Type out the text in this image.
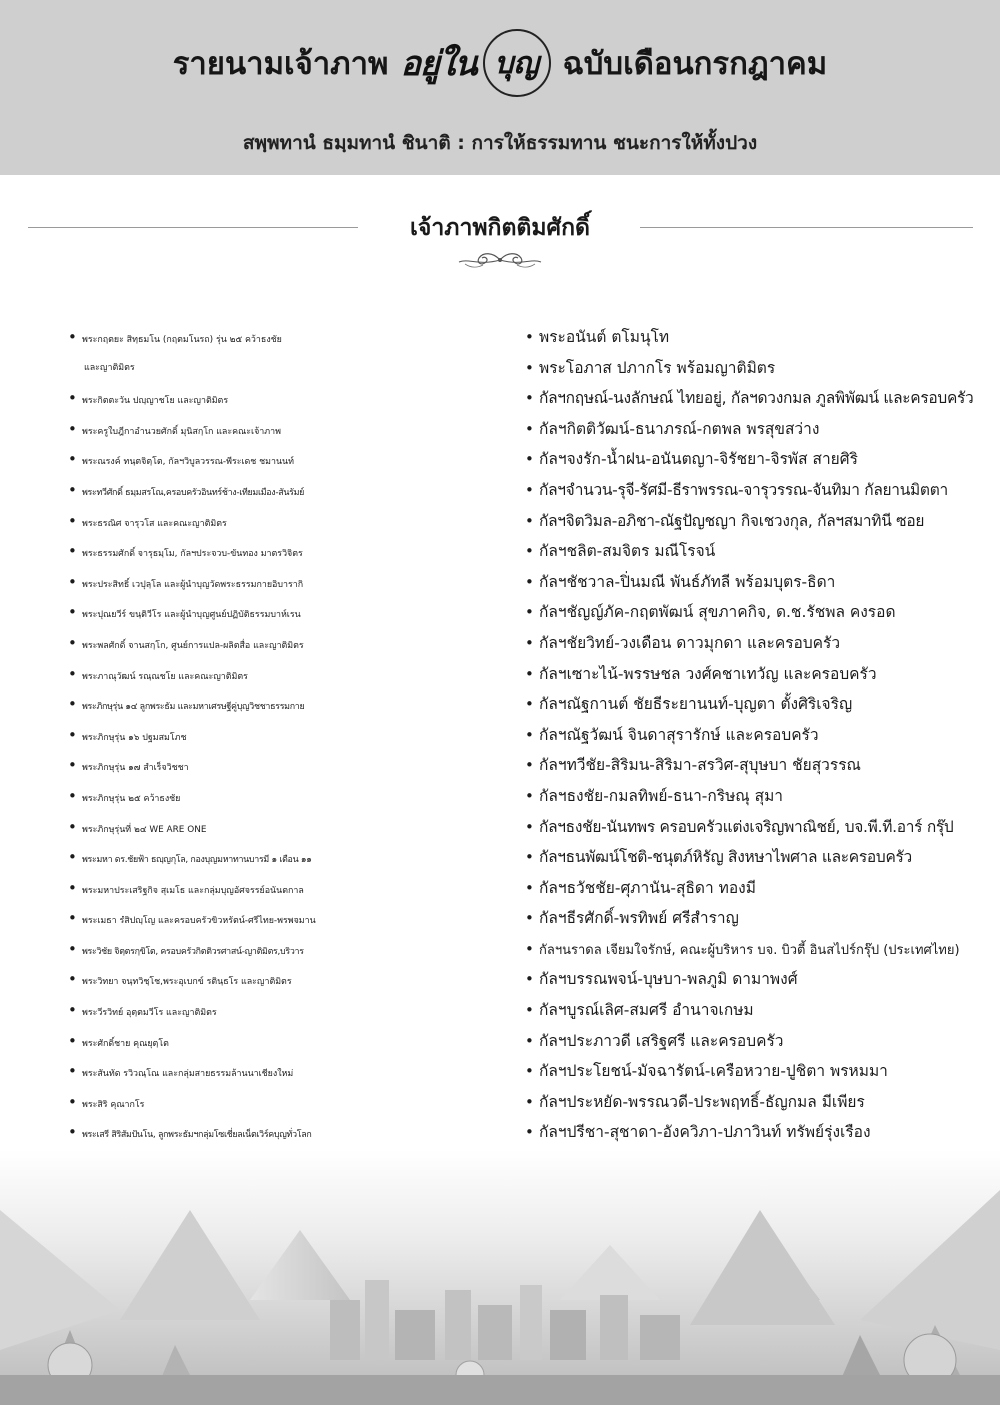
รายนามเจ้าภาพ อยู่ใน บุญ ฉบับเดือนกรกฎาคม
สพฺพทานํ ธมฺมทานํ ชินาติ : การให้ธรรมทาน ชนะการให้ทั้งปวง
เจ้าภาพกิตติมศักดิ์
• พระกฤตยะ สิทฺธมโน (กฤตมโนรถ) รุ่น ๒๕ คว้าธงชัย
และญาติมิตร
• พระกิตตะวัน ปญฺญาชโย และญาติมิตร
• พระครูใบฎีกาอำนวยศักดิ์ มุนิสกฺโก และคณะเจ้าภาพ
• พระณรงค์ ทนฺตจิตฺโต, กัลฯวิบูลวรรณ-พีระเดช ชมานนท์
• พระทวีศักดิ์ ธมฺมสรโณ,ครอบครัวอินทร์ช้าง-เทียมเมือง-สันรัมย์
• พระธรณิศ จารุวโส และคณะญาติมิตร
• พระธรรมศักดิ์ จารุธมฺโม, กัลฯประจวบ-ขันทอง มาตรวิจิตร
• พระประสิทธิ์ เวปุลฺโล และผู้นำบุญวัดพระธรรมกายอิบารากิ
• พระปุณยวีร์ ขนฺติวีโร และผู้นำบุญศูนย์ปฏิบัติธรรมบาห์เรน
• พระพลศักดิ์ จานสกฺโก, ศูนย์การแปล-ผลิตสื่อ และญาติมิตร
• พระภาณุวัฒน์ รณฺณชโย และคณะญาติมิตร
• พระภิกษุรุ่น ๑๔ ลูกพระธัม และมหาเศรษฐีคู่บุญวิชชาธรรมกาย
• พระภิกษุรุ่น ๑๖ ปฐมสมโภช
• พระภิกษุรุ่น ๑๗ สำเร็จวิชชา
• พระภิกษุรุ่น ๒๕ คว้าธงชัย
• พระภิกษุรุ่นที่ ๒๔ WE ARE ONE
• พระมหา ดร.ชัยฟ้า ธญฺญกุโล, กองบุญมหาทานบารมี ๑ เดือน ๑๑
• พระมหาประเสริฐกิจ สุเมโธ และกลุ่มบุญอัศจรรย์อนันตกาล
• พระเมธา รํสิปญฺโญ และครอบครัวขิวหรัตน์-ศรีไทย-พรพจมาน
• พระวิชัย จิตฺตรกฺขิโต, ครอบครัวกิตติวรศาสน์-ญาติมิตร,บริวาร
• พระวิทยา จนฺทวิชฺโช,พระอุเบกข์ รตินฺธโร และญาติมิตร
• พระวีรวิทย์ อุตฺตมวีโร และญาติมิตร
• พระศักดิ์ชาย คุณยุตฺโต
• พระสันทัด รวิวณฺโณ และกลุ่มสายธรรมล้านนาเชียงใหม่
• พระสิริ คุณากโร
• พระเสรี สิริสัมปันโน, ลูกพระธัมฯกลุ่มโซเชี่ยลเน็ตเวิร์คบุญทั่วโลก
• พระอนันต์ ตโมนุโท
• พระโอภาส ปภากโร พร้อมญาติมิตร
• กัลฯกฤษณ์-นงลักษณ์ ไทยอยู่, กัลฯดวงกมล ภูลพิพัฒน์ และครอบครัว
• กัลฯกิตติวัฒน์-ธนาภรณ์-กตพล พรสุขสว่าง
• กัลฯจงรัก-น้ำฝน-อนันตญา-จิรัชยา-จิรพัส สายศิริ
• กัลฯจำนวน-รุจี-รัศมี-ธีราพรรณ-จารุวรรณ-จันทิมา กัลยานมิตตา
• กัลฯจิตวิมล-อภิชา-ณัฐปัญชญา กิจเชวงกุล, กัลฯสมาทินี ซอย
• กัลฯชลิต-สมจิตร มณีโรจน์
• กัลฯชัชวาล-ปิ่นมณี พันธ์ภัทลี พร้อมบุตร-ธิดา
• กัลฯชัญญ์ภัค-กฤตพัฒน์ สุขภาคกิจ, ด.ช.รัชพล คงรอด
• กัลฯชัยวิทย์-วงเดือน ดาวมุกดา และครอบครัว
• กัลฯเซาะไน้-พรรษชล วงศ์คชาเทวัญ และครอบครัว
• กัลฯณัฐกานต์ ชัยธีระยานนท์-บุญตา ตั้งศิริเจริญ
• กัลฯณัฐวัฒน์ จินดาสุรารักษ์ และครอบครัว
• กัลฯทวีชัย-สิริมน-สิริมา-สรวิศ-สุบุษบา ชัยสุวรรณ
• กัลฯธงชัย-กมลทิพย์-ธนา-กริษณุ สุมา
• กัลฯธงชัย-นันทพร ครอบครัวแต่งเจริญพาณิชย์, บจ.พี.ที.อาร์ กรุ๊ป
• กัลฯธนพัฒน์โชติ-ชนุตภ์หิรัญ สิงหษาไพศาล และครอบครัว
• กัลฯธวัชชัย-ศุภานัน-สุธิดา ทองมี
• กัลฯธีรศักดิ์-พรทิพย์ ศรีสำราญ
• กัลฯนราดล เจียมใจรักษ์, คณะผู้บริหาร บจ. บิวตี้ อินสไปร์กรุ๊ป (ประเทศไทย)
• กัลฯบรรณพจน์-บุษบา-พลภูมิ ดามาพงศ์
• กัลฯบูรณ์เลิศ-สมศรี อำนาจเกษม
• กัลฯประภาวดี เสริฐศรี และครอบครัว
• กัลฯประโยชน์-มัจฉารัตน์-เครือหวาย-ปูชิตา พรหมมา
• กัลฯประหยัด-พรรณวดี-ประพฤทธิ์-ธัญกมล มีเพียร
• กัลฯปรีชา-สุชาดา-อังควิภา-ปภาวินท์ ทรัพย์รุ่งเรือง
